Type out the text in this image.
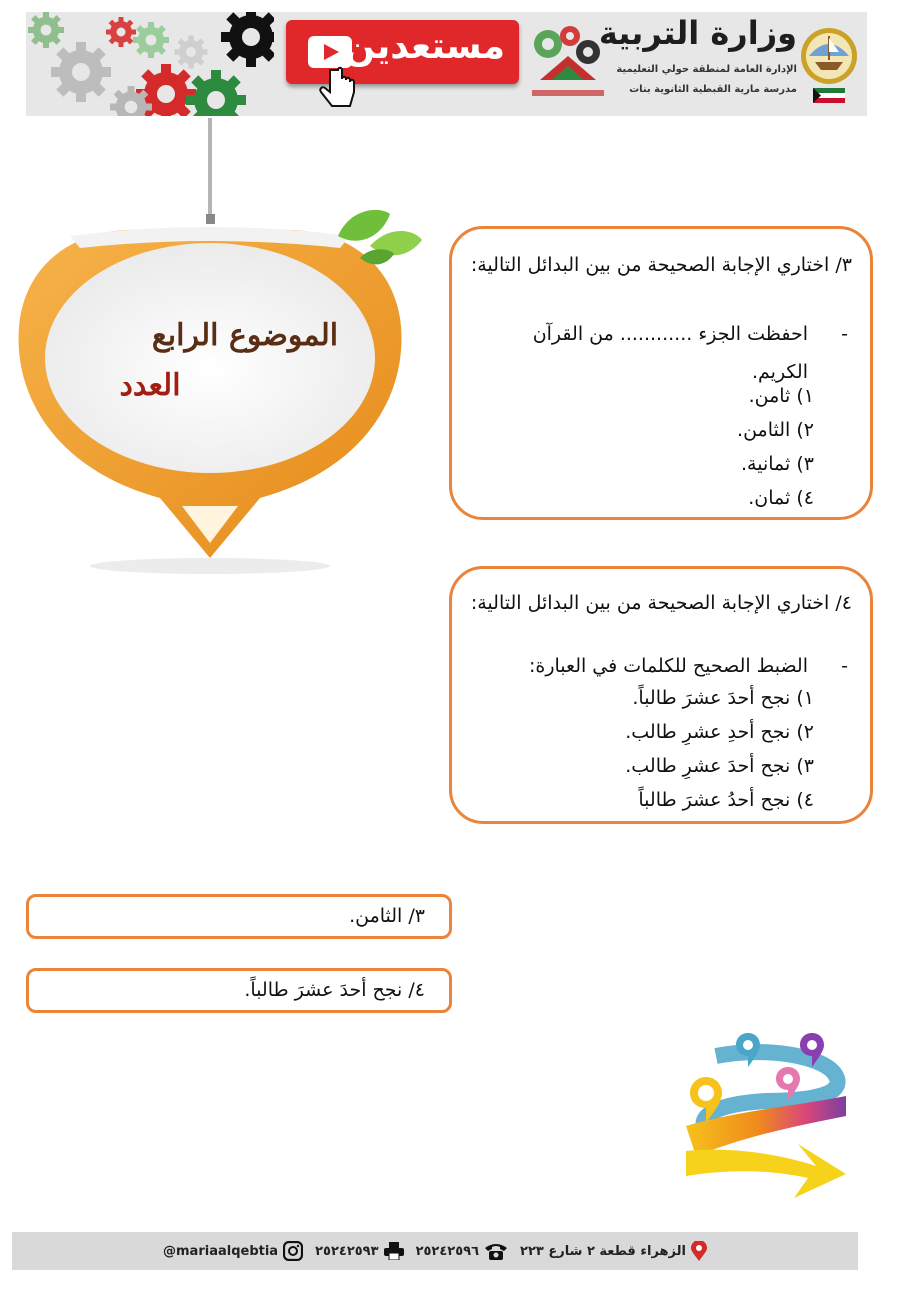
مستعدين	وزارة التربية
الإدارة العامة لمنطقة حولي التعليمية
مدرسة مارية القبطية الثانوية بنات
الموضوع الرابع
العدد
٣/ اختاري الإجابة الصحيحة من بين البدائل التالية:
-
احفظت الجزء ............ من القرآن الكريم.
١) ثامن.
٢) الثامن.
٣) ثمانية.
٤) ثمان.
٤/ اختاري الإجابة الصحيحة من بين البدائل التالية:
-
الضبط الصحيح للكلمات في العبارة:
١) نجح أحدَ عشرَ طالباً.
٢) نجح أحدِ عشرِ طالب.
٣) نجح أحدَ عشرِ طالب.
٤) نجح أحدُ عشرَ طالباً
٣/ الثامن.
٤/ نجح أحدَ عشرَ طالباً.
@mariaalqebtia	٢٥٢٤٢٥٩٣	٢٥٢٤٢٥٩٦	الزهراء قطعة ٢ شارع ٢٢٣
